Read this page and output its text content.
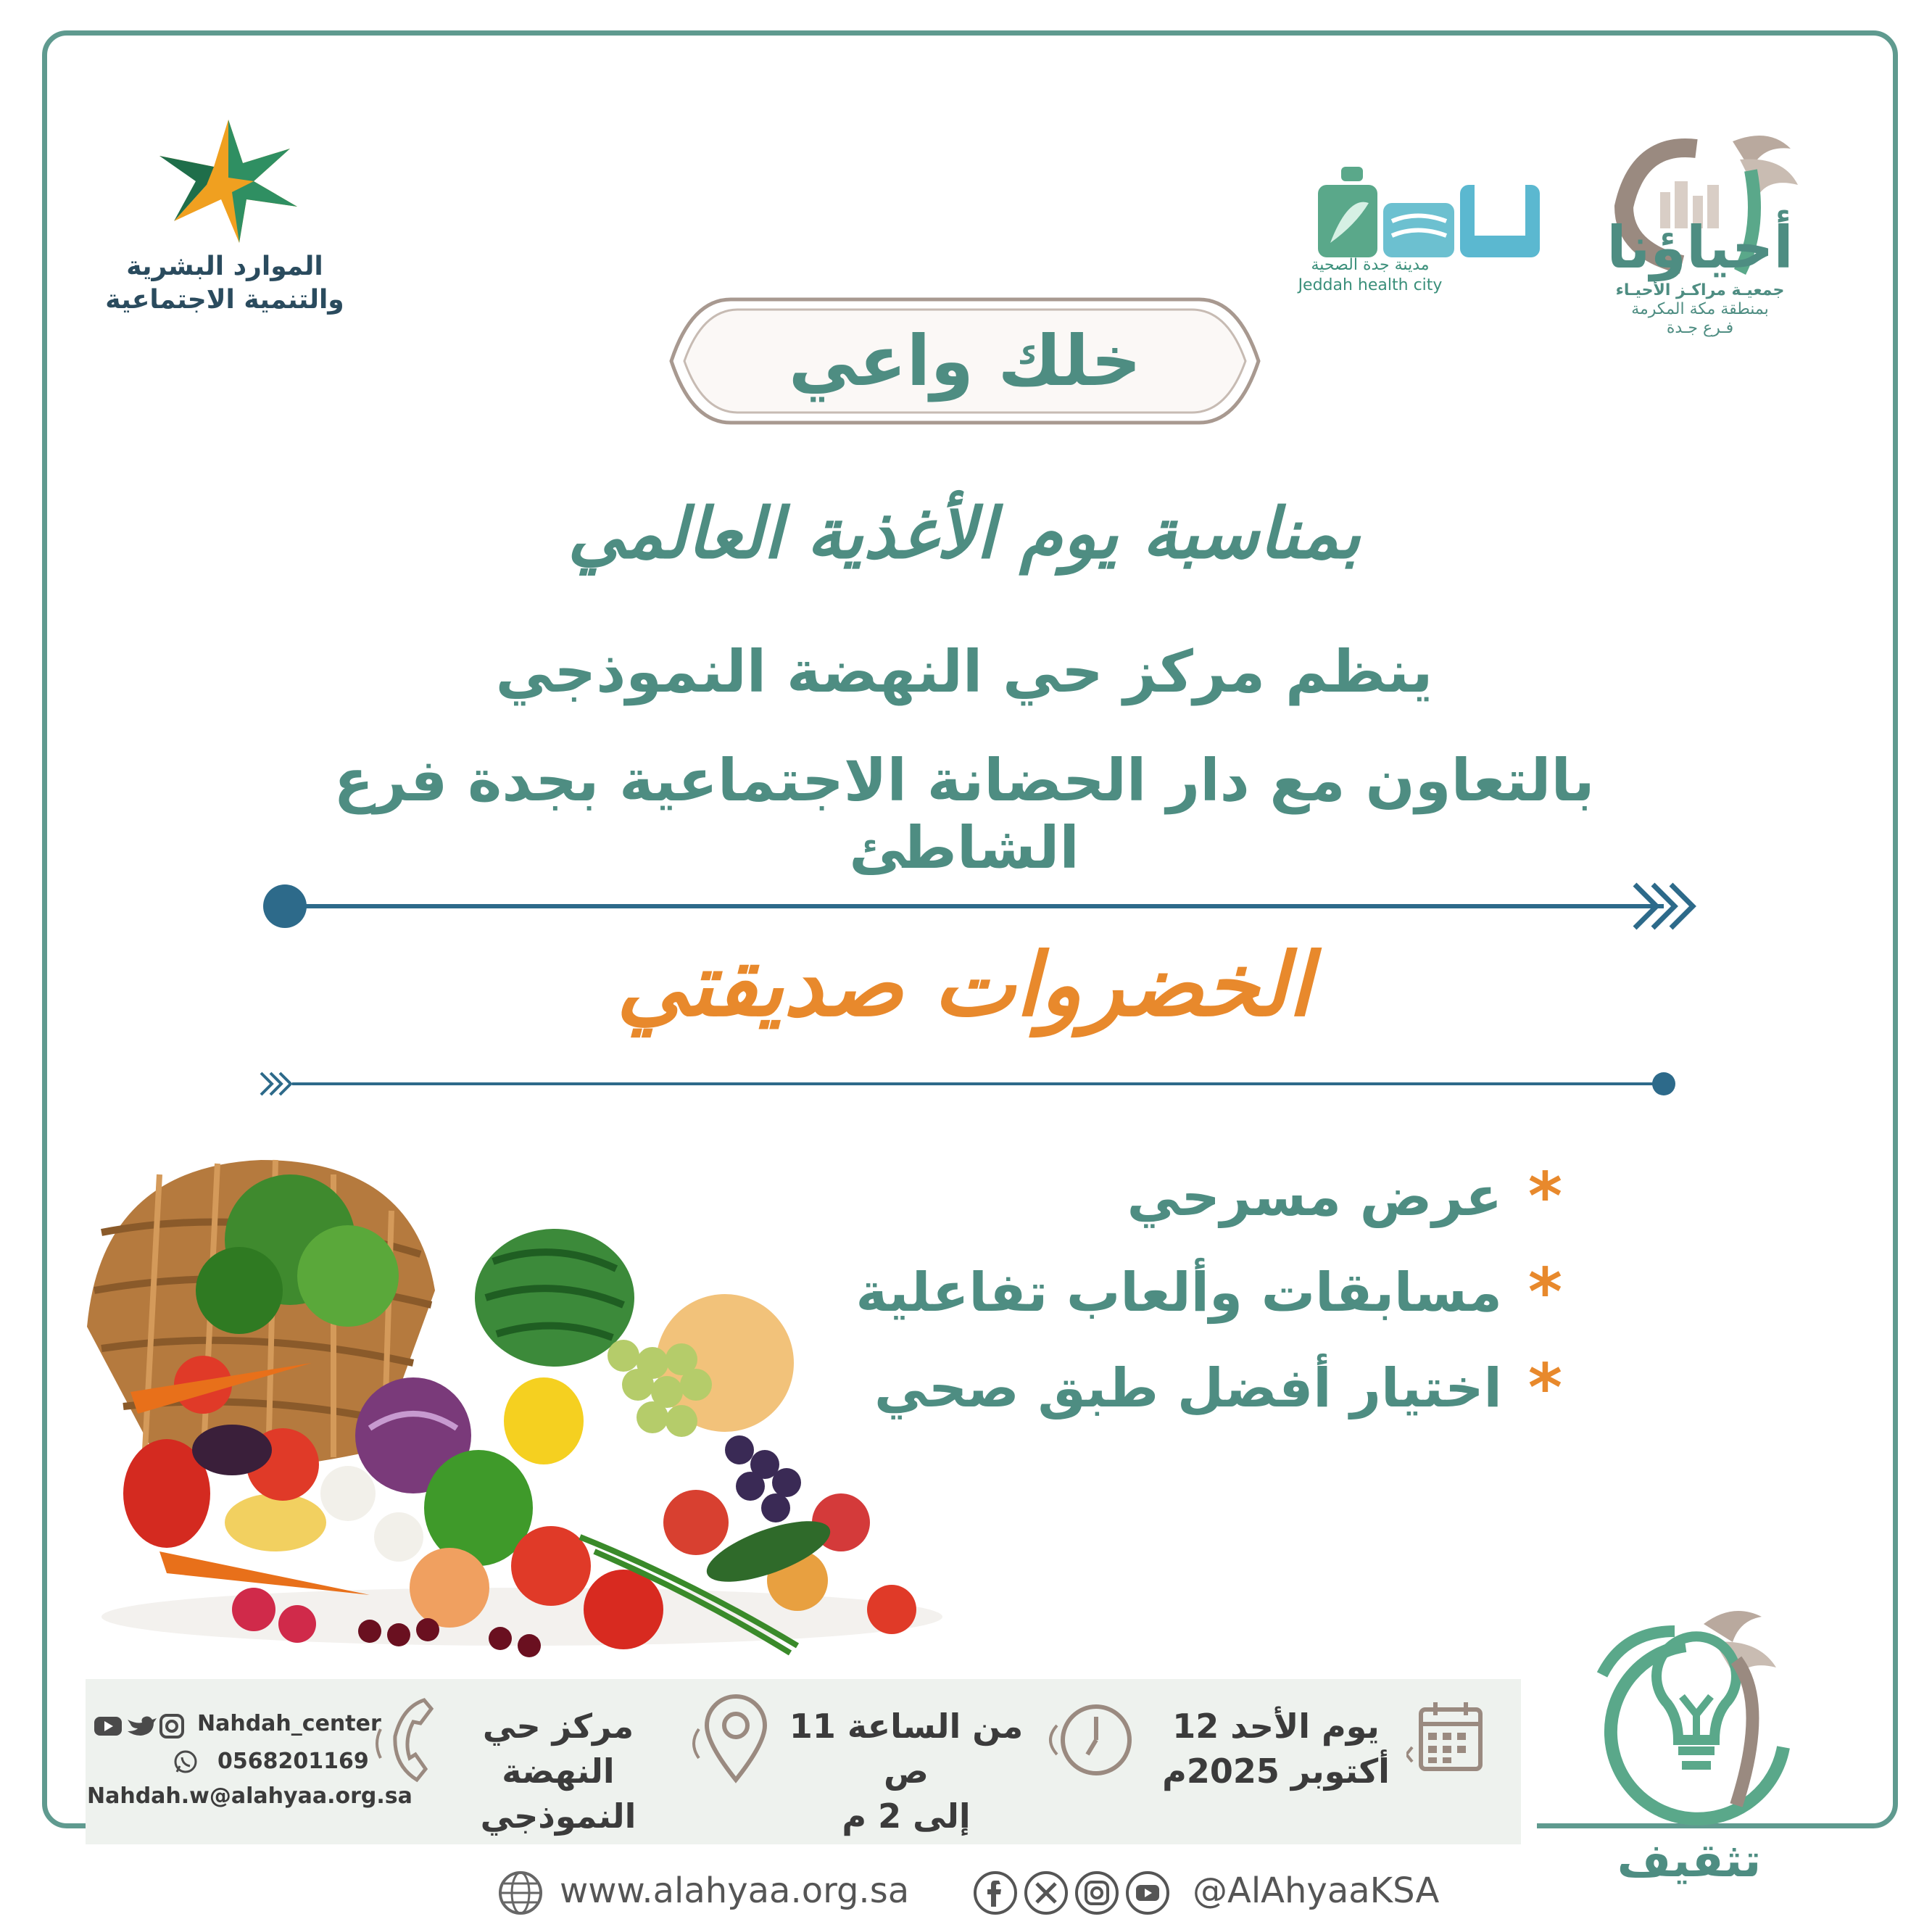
الموارد البشرية
والتنمية الاجتماعية
مدينة جدة الصحية
Jeddah health city
أحياؤنا
جمعيـة مراكـز الأحيـاء
بمنطقة مكة المكرمة
فـرع جـدة
خلك واعي
بمناسبة يوم الأغذية العالمي
ينظم مركز حي النهضة النموذجي
بالتعاون مع دار الحضانة الاجتماعية بجدة فرع الشاطئ
الخضروات صديقتي
*
عرض مسرحي
*
مسابقات وألعاب تفاعلية
*
اختيار أفضل طبق صحي
يوم الأحد 12
أكتوبر 2025م
من الساعة 11 ص
إلى 2 م
مركز حي النهضة
النموذجي
Nahdah_center
0568201169
Nahdah.w@alahyaa.org.sa
تثقيف
www.alahyaa.org.sa	@AlAhyaaKSA
